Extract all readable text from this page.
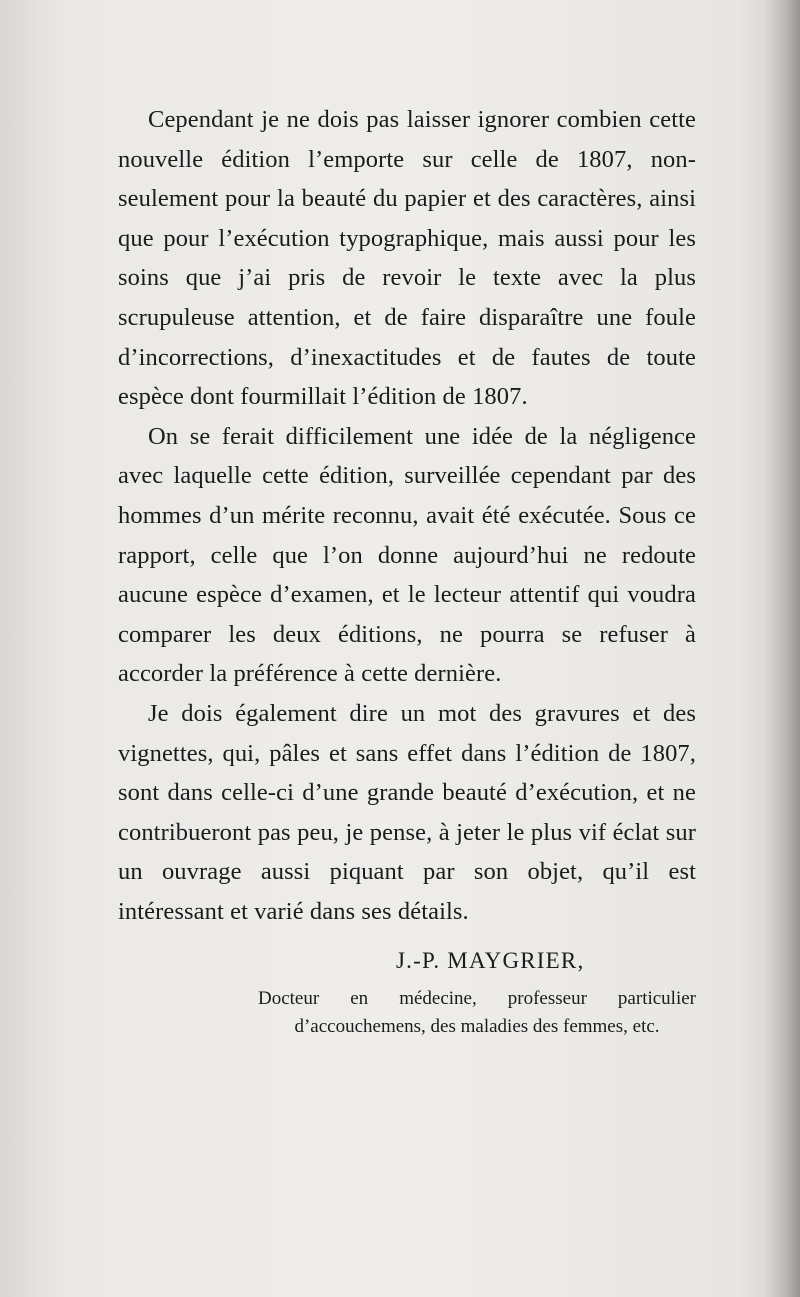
Cependant je ne dois pas laisser ignorer combien cette nouvelle édition l’emporte sur celle de 1807, non-seulement pour la beauté du papier et des caractères, ainsi que pour l’exécution typographique, mais aussi pour les soins que j’ai pris de revoir le texte avec la plus scrupuleuse attention, et de faire disparaître une foule d’incorrections, d’inexactitudes et de fautes de toute espèce dont fourmillait l’édition de 1807.

On se ferait difficilement une idée de la négligence avec laquelle cette édition, surveillée cependant par des hommes d’un mérite reconnu, avait été exécutée. Sous ce rapport, celle que l’on donne aujourd’hui ne redoute aucune espèce d’examen, et le lecteur attentif qui voudra comparer les deux éditions, ne pourra se refuser à accorder la préférence à cette dernière.

Je dois également dire un mot des gravures et des vignettes, qui, pâles et sans effet dans l’édition de 1807, sont dans celle-ci d’une grande beauté d’exécution, et ne contribueront pas peu, je pense, à jeter le plus vif éclat sur un ouvrage aussi piquant par son objet, qu’il est intéressant et varié dans ses détails.

J.-P. MAYGRIER,

Docteur en médecine, professeur particulier d’accouchemens, des maladies des femmes, etc.
